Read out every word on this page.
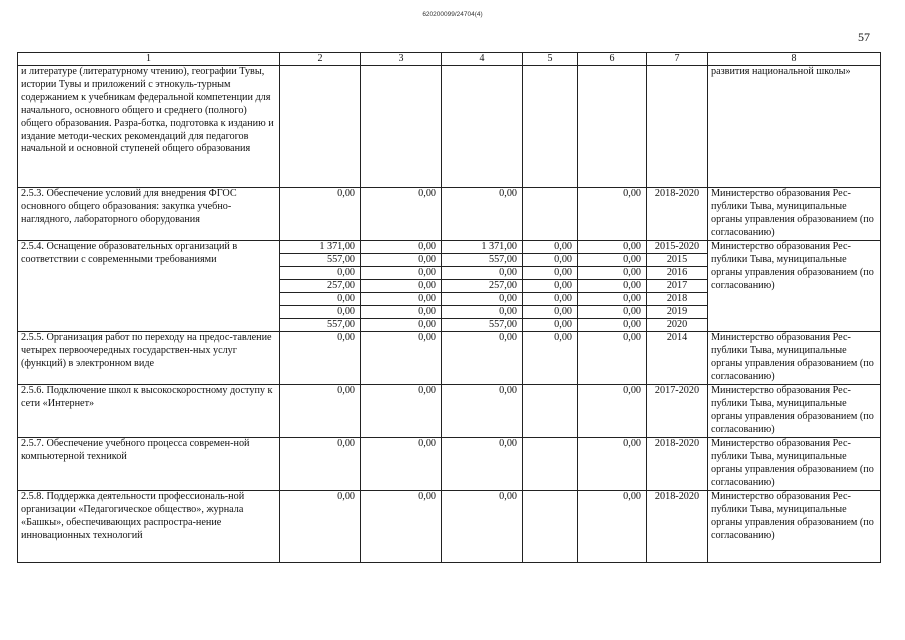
620200099/24704(4)
57
1	2	3	4	5	6	7	8
и литературе (литературному чтению), географии Тувы, истории Тувы и приложений с этнокуль-турным содержанием к учебникам федеральной компетенции для начального, основного общего и среднего (полного) общего образования. Разра-ботка, подготовка к изданию и издание методи-ческих рекомендаций для педагогов начальной и основной ступеней общего образования							развития национальной школы»
2.5.3. Обеспечение условий для внедрения ФГОС основного общего образования: закупка учебно-наглядного, лабораторного оборудования	0,00	0,00	0,00		0,00	2018-2020	Министерство образования Рес-публики Тыва, муниципальные органы управления образованием (по согласованию)
2.5.4. Оснащение образовательных организаций в соответствии с современными требованиями	1 371,00	0,00	1 371,00	0,00	0,00	2015-2020	Министерство образования Рес-публики Тыва, муниципальные органы управления образованием (по согласованию)
	557,00	0,00	557,00	0,00	0,00	2015	
	0,00	0,00	0,00	0,00	0,00	2016	
	257,00	0,00	257,00	0,00	0,00	2017	
	0,00	0,00	0,00	0,00	0,00	2018	
	0,00	0,00	0,00	0,00	0,00	2019	
	557,00	0,00	557,00	0,00	0,00	2020	
2.5.5. Организация работ по переходу на предос-тавление четырех первоочередных государствен-ных услуг (функций) в электронном виде	0,00	0,00	0,00	0,00	0,00	2014	Министерство образования Рес-публики Тыва, муниципальные органы управления образованием (по согласованию)
2.5.6. Подключение школ к высокоскоростному доступу к сети «Интернет»	0,00	0,00	0,00		0,00	2017-2020	Министерство образования Рес-публики Тыва, муниципальные органы управления образованием (по согласованию)
2.5.7. Обеспечение учебного процесса современ-ной компьютерной техникой	0,00	0,00	0,00		0,00	2018-2020	Министерство образования Рес-публики Тыва, муниципальные органы управления образованием (по согласованию)
2.5.8. Поддержка деятельности профессиональ-ной организации «Педагогическое общество», журнала «Башкы», обеспечивающих распростра-нение инновационных технологий	0,00	0,00	0,00		0,00	2018-2020	Министерство образования Рес-публики Тыва, муниципальные органы управления образованием (по согласованию)
